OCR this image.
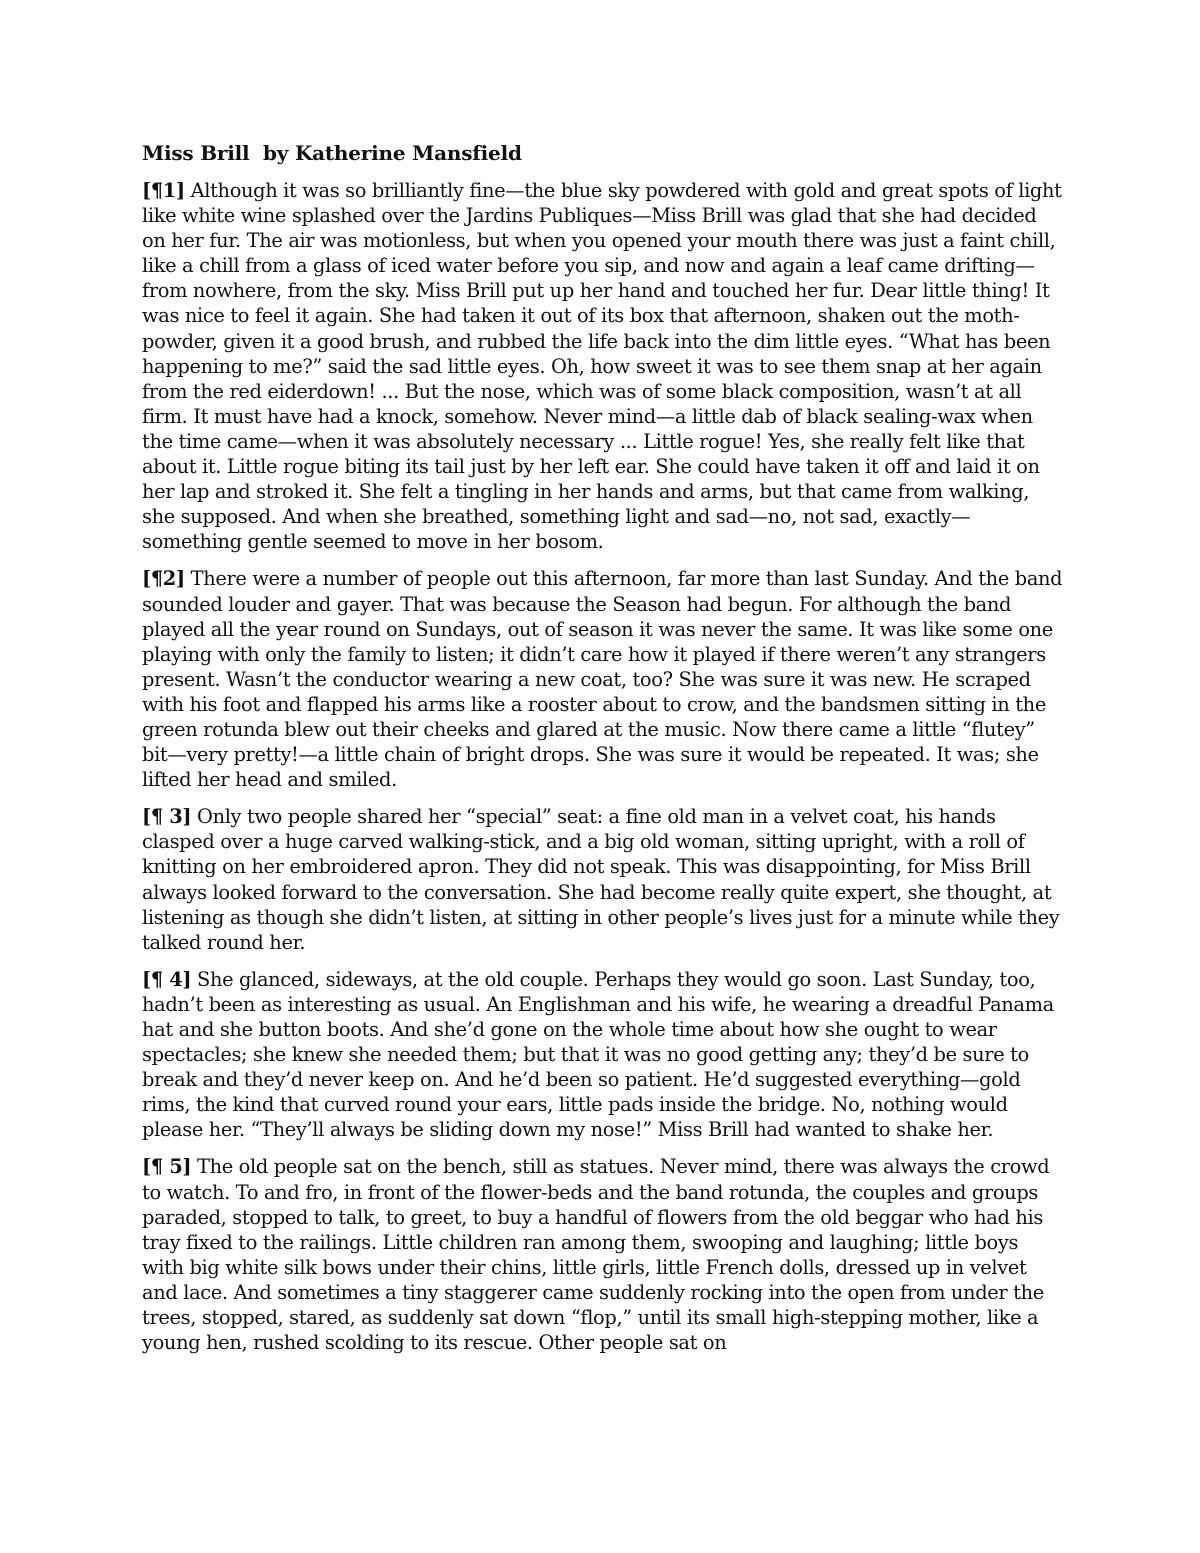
Miss Brill  by Katherine Mansfield

[¶1] Although it was so brilliantly fine—the blue sky powdered with gold and great spots of light like white wine splashed over the Jardins Publiques—Miss Brill was glad that she had decided on her fur. The air was motionless, but when you opened your mouth there was just a faint chill, like a chill from a glass of iced water before you sip, and now and again a leaf came drifting—from nowhere, from the sky. Miss Brill put up her hand and touched her fur. Dear little thing! It was nice to feel it again. She had taken it out of its box that afternoon, shaken out the moth-powder, given it a good brush, and rubbed the life back into the dim little eyes. “What has been happening to me?” said the sad little eyes. Oh, how sweet it was to see them snap at her again from the red eiderdown! ... But the nose, which was of some black composition, wasn’t at all firm. It must have had a knock, somehow. Never mind—a little dab of black sealing-wax when the time came—when it was absolutely necessary ... Little rogue! Yes, she really felt like that about it. Little rogue biting its tail just by her left ear. She could have taken it off and laid it on her lap and stroked it. She felt a tingling in her hands and arms, but that came from walking, she supposed. And when she breathed, something light and sad—no, not sad, exactly—something gentle seemed to move in her bosom.

[¶2] There were a number of people out this afternoon, far more than last Sunday. And the band sounded louder and gayer. That was because the Season had begun. For although the band played all the year round on Sundays, out of season it was never the same. It was like some one playing with only the family to listen; it didn’t care how it played if there weren’t any strangers present. Wasn’t the conductor wearing a new coat, too? She was sure it was new. He scraped with his foot and flapped his arms like a rooster about to crow, and the bandsmen sitting in the green rotunda blew out their cheeks and glared at the music. Now there came a little “flutey” bit—very pretty!—a little chain of bright drops. She was sure it would be repeated. It was; she lifted her head and smiled.

[¶ 3] Only two people shared her “special” seat: a fine old man in a velvet coat, his hands clasped over a huge carved walking-stick, and a big old woman, sitting upright, with a roll of knitting on her embroidered apron. They did not speak. This was disappointing, for Miss Brill always looked forward to the conversation. She had become really quite expert, she thought, at listening as though she didn’t listen, at sitting in other people’s lives just for a minute while they talked round her.

[¶ 4] She glanced, sideways, at the old couple. Perhaps they would go soon. Last Sunday, too, hadn’t been as interesting as usual. An Englishman and his wife, he wearing a dreadful Panama hat and she button boots. And she’d gone on the whole time about how she ought to wear spectacles; she knew she needed them; but that it was no good getting any; they’d be sure to break and they’d never keep on. And he’d been so patient. He’d suggested everything—gold rims, the kind that curved round your ears, little pads inside the bridge. No, nothing would please her. “They’ll always be sliding down my nose!” Miss Brill had wanted to shake her.

[¶ 5] The old people sat on the bench, still as statues. Never mind, there was always the crowd to watch. To and fro, in front of the flower-beds and the band rotunda, the couples and groups paraded, stopped to talk, to greet, to buy a handful of flowers from the old beggar who had his tray fixed to the railings. Little children ran among them, swooping and laughing; little boys with big white silk bows under their chins, little girls, little French dolls, dressed up in velvet and lace. And sometimes a tiny staggerer came suddenly rocking into the open from under the trees, stopped, stared, as suddenly sat down “flop,” until its small high-stepping mother, like a young hen, rushed scolding to its rescue. Other people sat on
